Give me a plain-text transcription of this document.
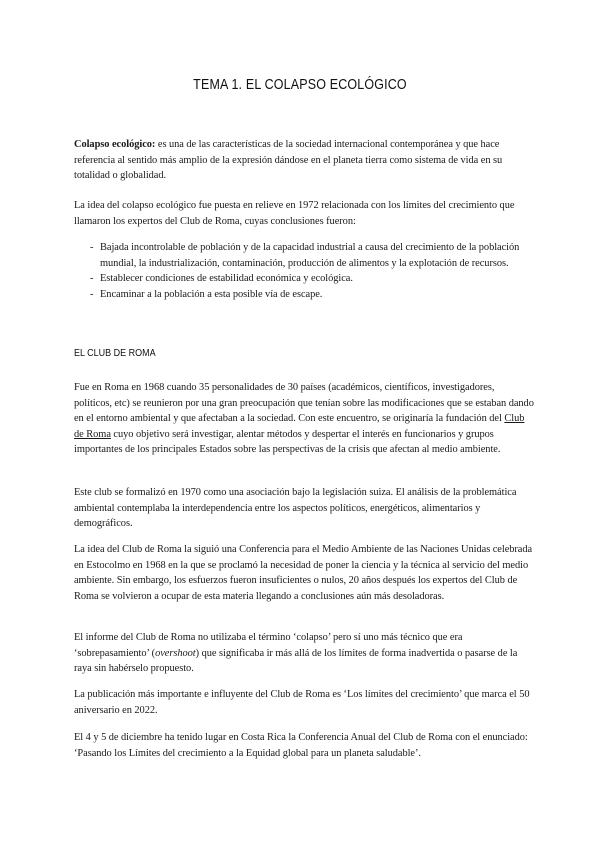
TEMA 1. EL COLAPSO ECOLÓGICO

Colapso ecológico: es una de las características de la sociedad internacional contemporánea y que hace referencia al sentido más amplio de la expresión dándose en el planeta tierra como sistema de vida en su totalidad o globalidad.

La idea del colapso ecológico fue puesta en relieve en 1972 relacionada con los límites del crecimiento que llamaron los expertos del Club de Roma, cuyas conclusiones fueron:

- Bajada incontrolable de población y de la capacidad industrial a causa del crecimiento de la población mundial, la industrialización, contaminación, producción de alimentos y la explotación de recursos.
- Establecer condiciones de estabilidad económica y ecológica.
- Encaminar a la población a esta posible vía de escape.
EL CLUB DE ROMA

Fue en Roma en 1968 cuando 35 personalidades de 30 países (académicos, científicos, investigadores, políticos, etc) se reunieron por una gran preocupación que tenían sobre las modificaciones que se estaban dando en el entorno ambiental y que afectaban a la sociedad. Con este encuentro, se originaría la fundación del Club de Roma cuyo objetivo será investigar, alentar métodos y despertar el interés en funcionarios y grupos importantes de los principales Estados sobre las perspectivas de la crisis que afectan al medio ambiente.

Este club se formalizó en 1970 como una asociación bajo la legislación suiza. El análisis de la problemática ambiental contemplaba la interdependencia entre los aspectos políticos, energéticos, alimentarios y demográficos.

La idea del Club de Roma la siguió una Conferencia para el Medio Ambiente de las Naciones Unidas celebrada en Estocolmo en 1968 en la que se proclamó la necesidad de poner la ciencia y la técnica al servicio del medio ambiente. Sin embargo, los esfuerzos fueron insuficientes o nulos, 20 años después los expertos del Club de Roma se volvieron a ocupar de esta materia llegando a conclusiones aún más desoladoras.

El informe del Club de Roma no utilizaba el término ‘colapso’ pero sí uno más técnico que era ‘sobrepasamiento’ (overshoot) que significaba ir más allá de los límites de forma inadvertida o pasarse de la raya sin habérselo propuesto.

La publicación más importante e influyente del Club de Roma es ‘Los límites del crecimiento’ que marca el 50 aniversario en 2022.

El 4 y 5 de diciembre ha tenido lugar en Costa Rica la Conferencia Anual del Club de Roma con el enunciado: ‘Pasando los Límites del crecimiento a la Equidad global para un planeta saludable’.
